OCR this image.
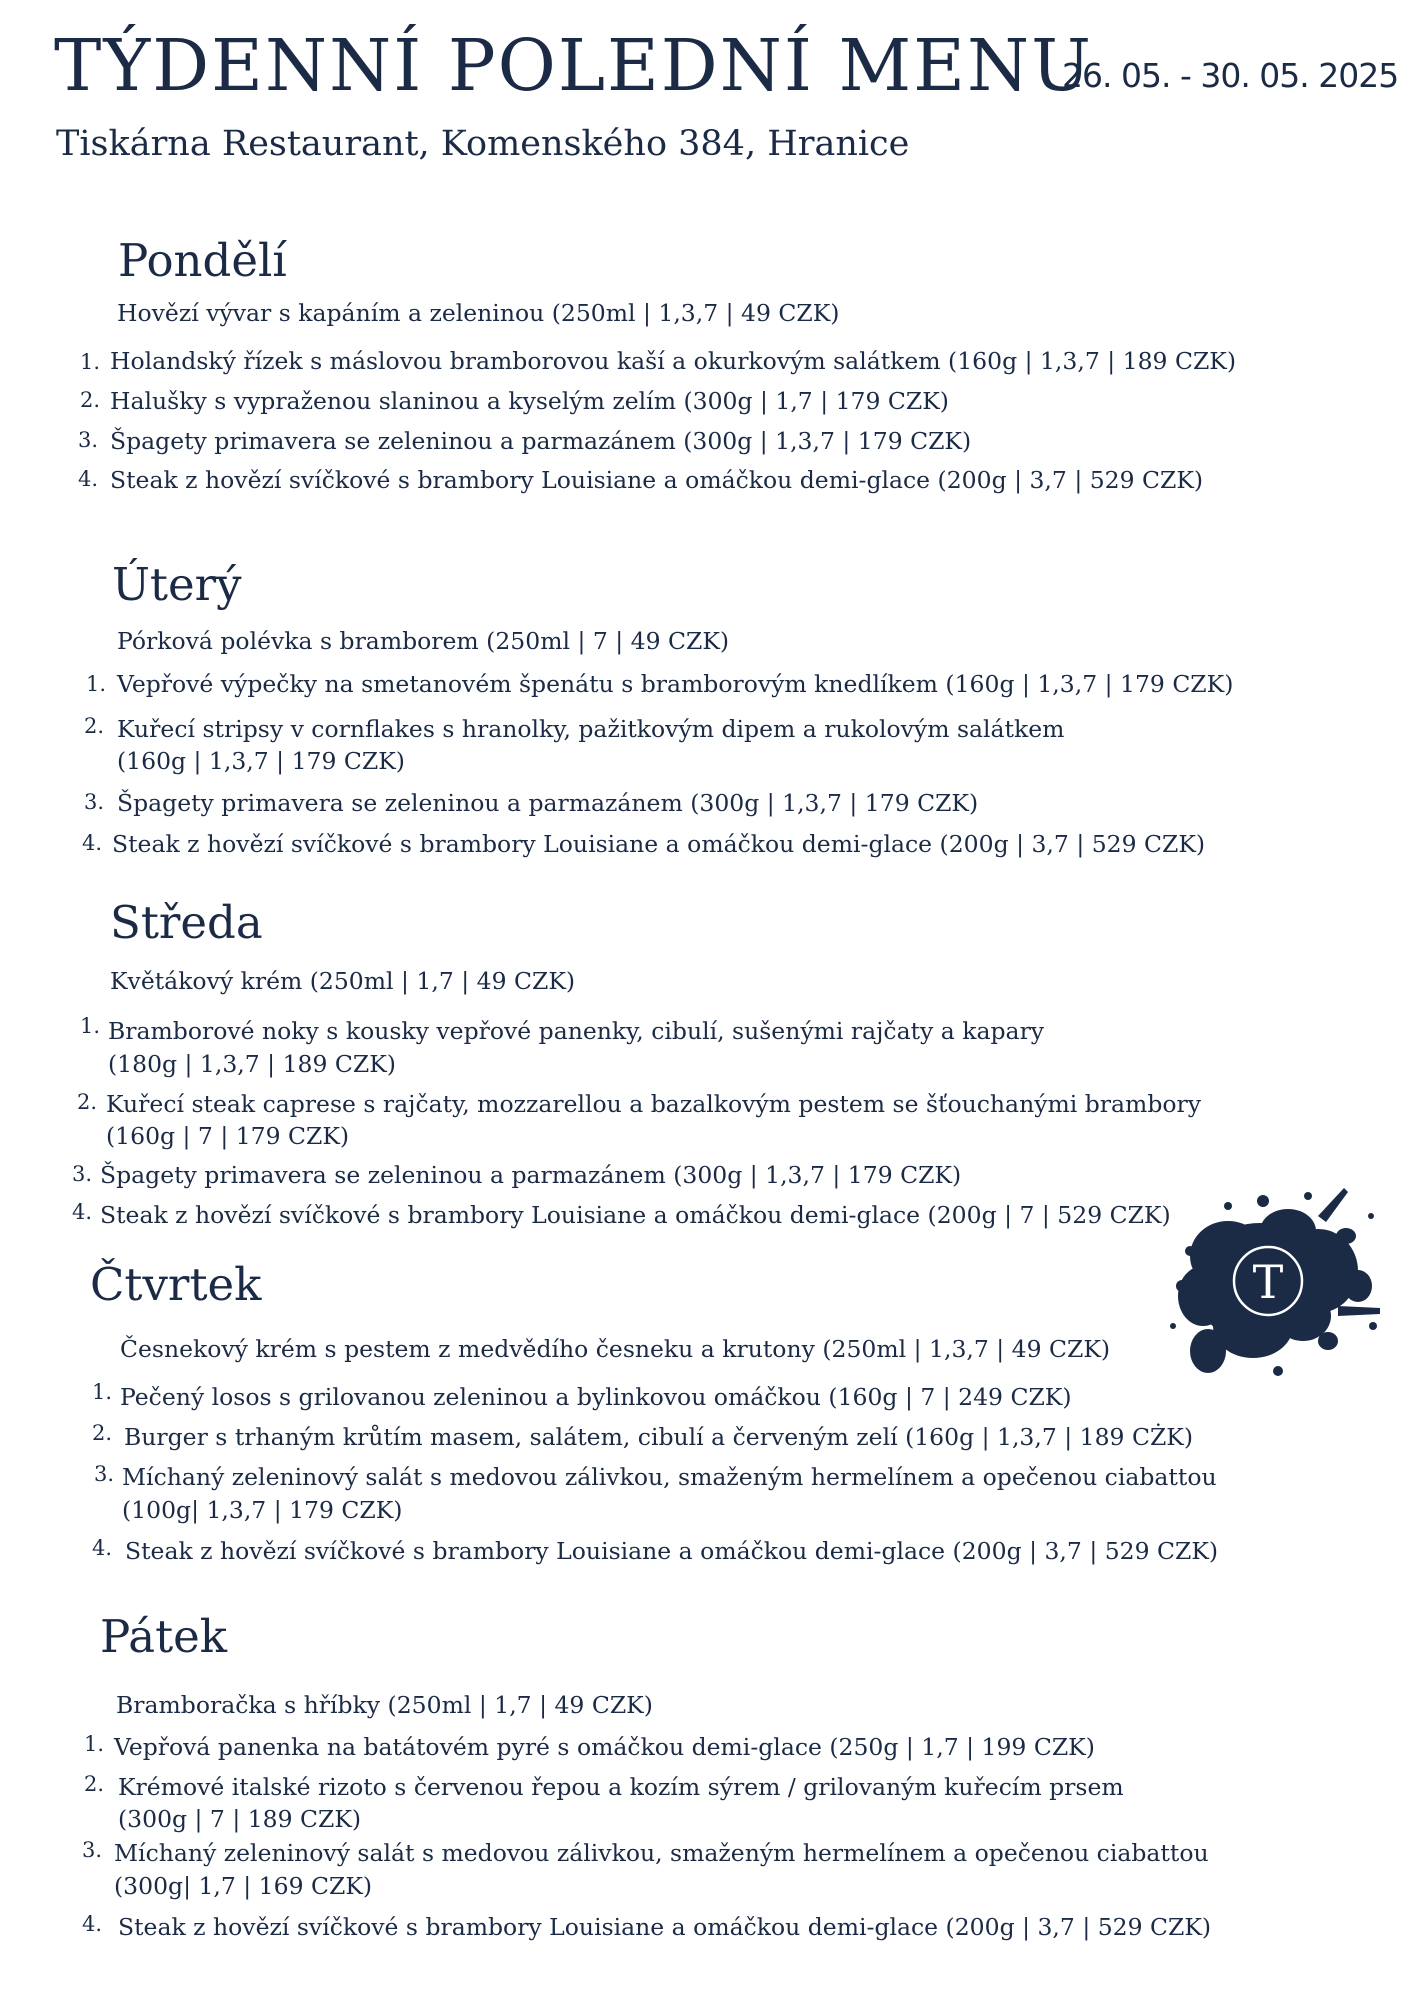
TÝDENNÍ POLEDNÍ MENU
26. 05. - 30. 05. 2025
Tiskárna Restaurant, Komenského 384, Hranice
Pondělí
Hovězí vývar s kapáním a zeleninou (250ml | 1,3,7 | 49 CZK)
1. Holandský řízek s máslovou bramborovou kaší a okurkovým salátkem (160g | 1,3,7 | 189 CZK)
2. Halušky s vypraženou slaninou a kyselým zelím (300g | 1,7 | 179 CZK)
3. Špagety primavera se zeleninou a parmazánem (300g | 1,3,7 | 179 CZK)
4. Steak z hovězí svíčkové s brambory Louisiane a omáčkou demi-glace (200g | 3,7 | 529 CZK)
Úterý
Pórková polévka s bramborem (250ml | 7 | 49 CZK)
1. Vepřové výpečky na smetanovém špenátu s bramborovým knedlíkem (160g | 1,3,7 | 179 CZK)
2. Kuřecí stripsy v cornflakes s hranolky, pažitkovým dipem a rukolovým salátkem
(160g | 1,3,7 | 179 CZK)
3. Špagety primavera se zeleninou a parmazánem (300g | 1,3,7 | 179 CZK)
4. Steak z hovězí svíčkové s brambory Louisiane a omáčkou demi-glace (200g | 3,7 | 529 CZK)
Středa
Květákový krém (250ml | 1,7 | 49 CZK)
1. Bramborové noky s kousky vepřové panenky, cibulí, sušenými rajčaty a kapary
(180g | 1,3,7 | 189 CZK)
2. Kuřecí steak caprese s rajčaty, mozzarellou a bazalkovým pestem se šťouchanými brambory
(160g | 7 | 179 CZK)
3. Špagety primavera se zeleninou a parmazánem (300g | 1,3,7 | 179 CZK)
4. Steak z hovězí svíčkové s brambory Louisiane a omáčkou demi-glace (200g | 7 | 529 CZK)
Čtvrtek
Česnekový krém s pestem z medvědího česneku a krutony (250ml | 1,3,7 | 49 CZK)
1. Pečený losos s grilovanou zeleninou a bylinkovou omáčkou (160g | 7 | 249 CZK)
2. Burger s trhaným krůtím masem, salátem, cibulí a červeným zelí (160g | 1,3,7 | 189 CŻK)
3. Míchaný zeleninový salát s medovou zálivkou, smaženým hermelínem a opečenou ciabattou
(100g| 1,3,7 | 179 CZK)
4. Steak z hovězí svíčkové s brambory Louisiane a omáčkou demi-glace (200g | 3,7 | 529 CZK)
Pátek
Bramboračka s hříbky (250ml | 1,7 | 49 CZK)
1. Vepřová panenka na batátovém pyré s omáčkou demi-glace (250g | 1,7 | 199 CZK)
2. Krémové italské rizoto s červenou řepou a kozím sýrem / grilovaným kuřecím prsem
(300g | 7 | 189 CZK)
3. Míchaný zeleninový salát s medovou zálivkou, smaženým hermelínem a opečenou ciabattou
(300g| 1,7 | 169 CZK)
4. Steak z hovězí svíčkové s brambory Louisiane a omáčkou demi-glace (200g | 3,7 | 529 CZK)
T
